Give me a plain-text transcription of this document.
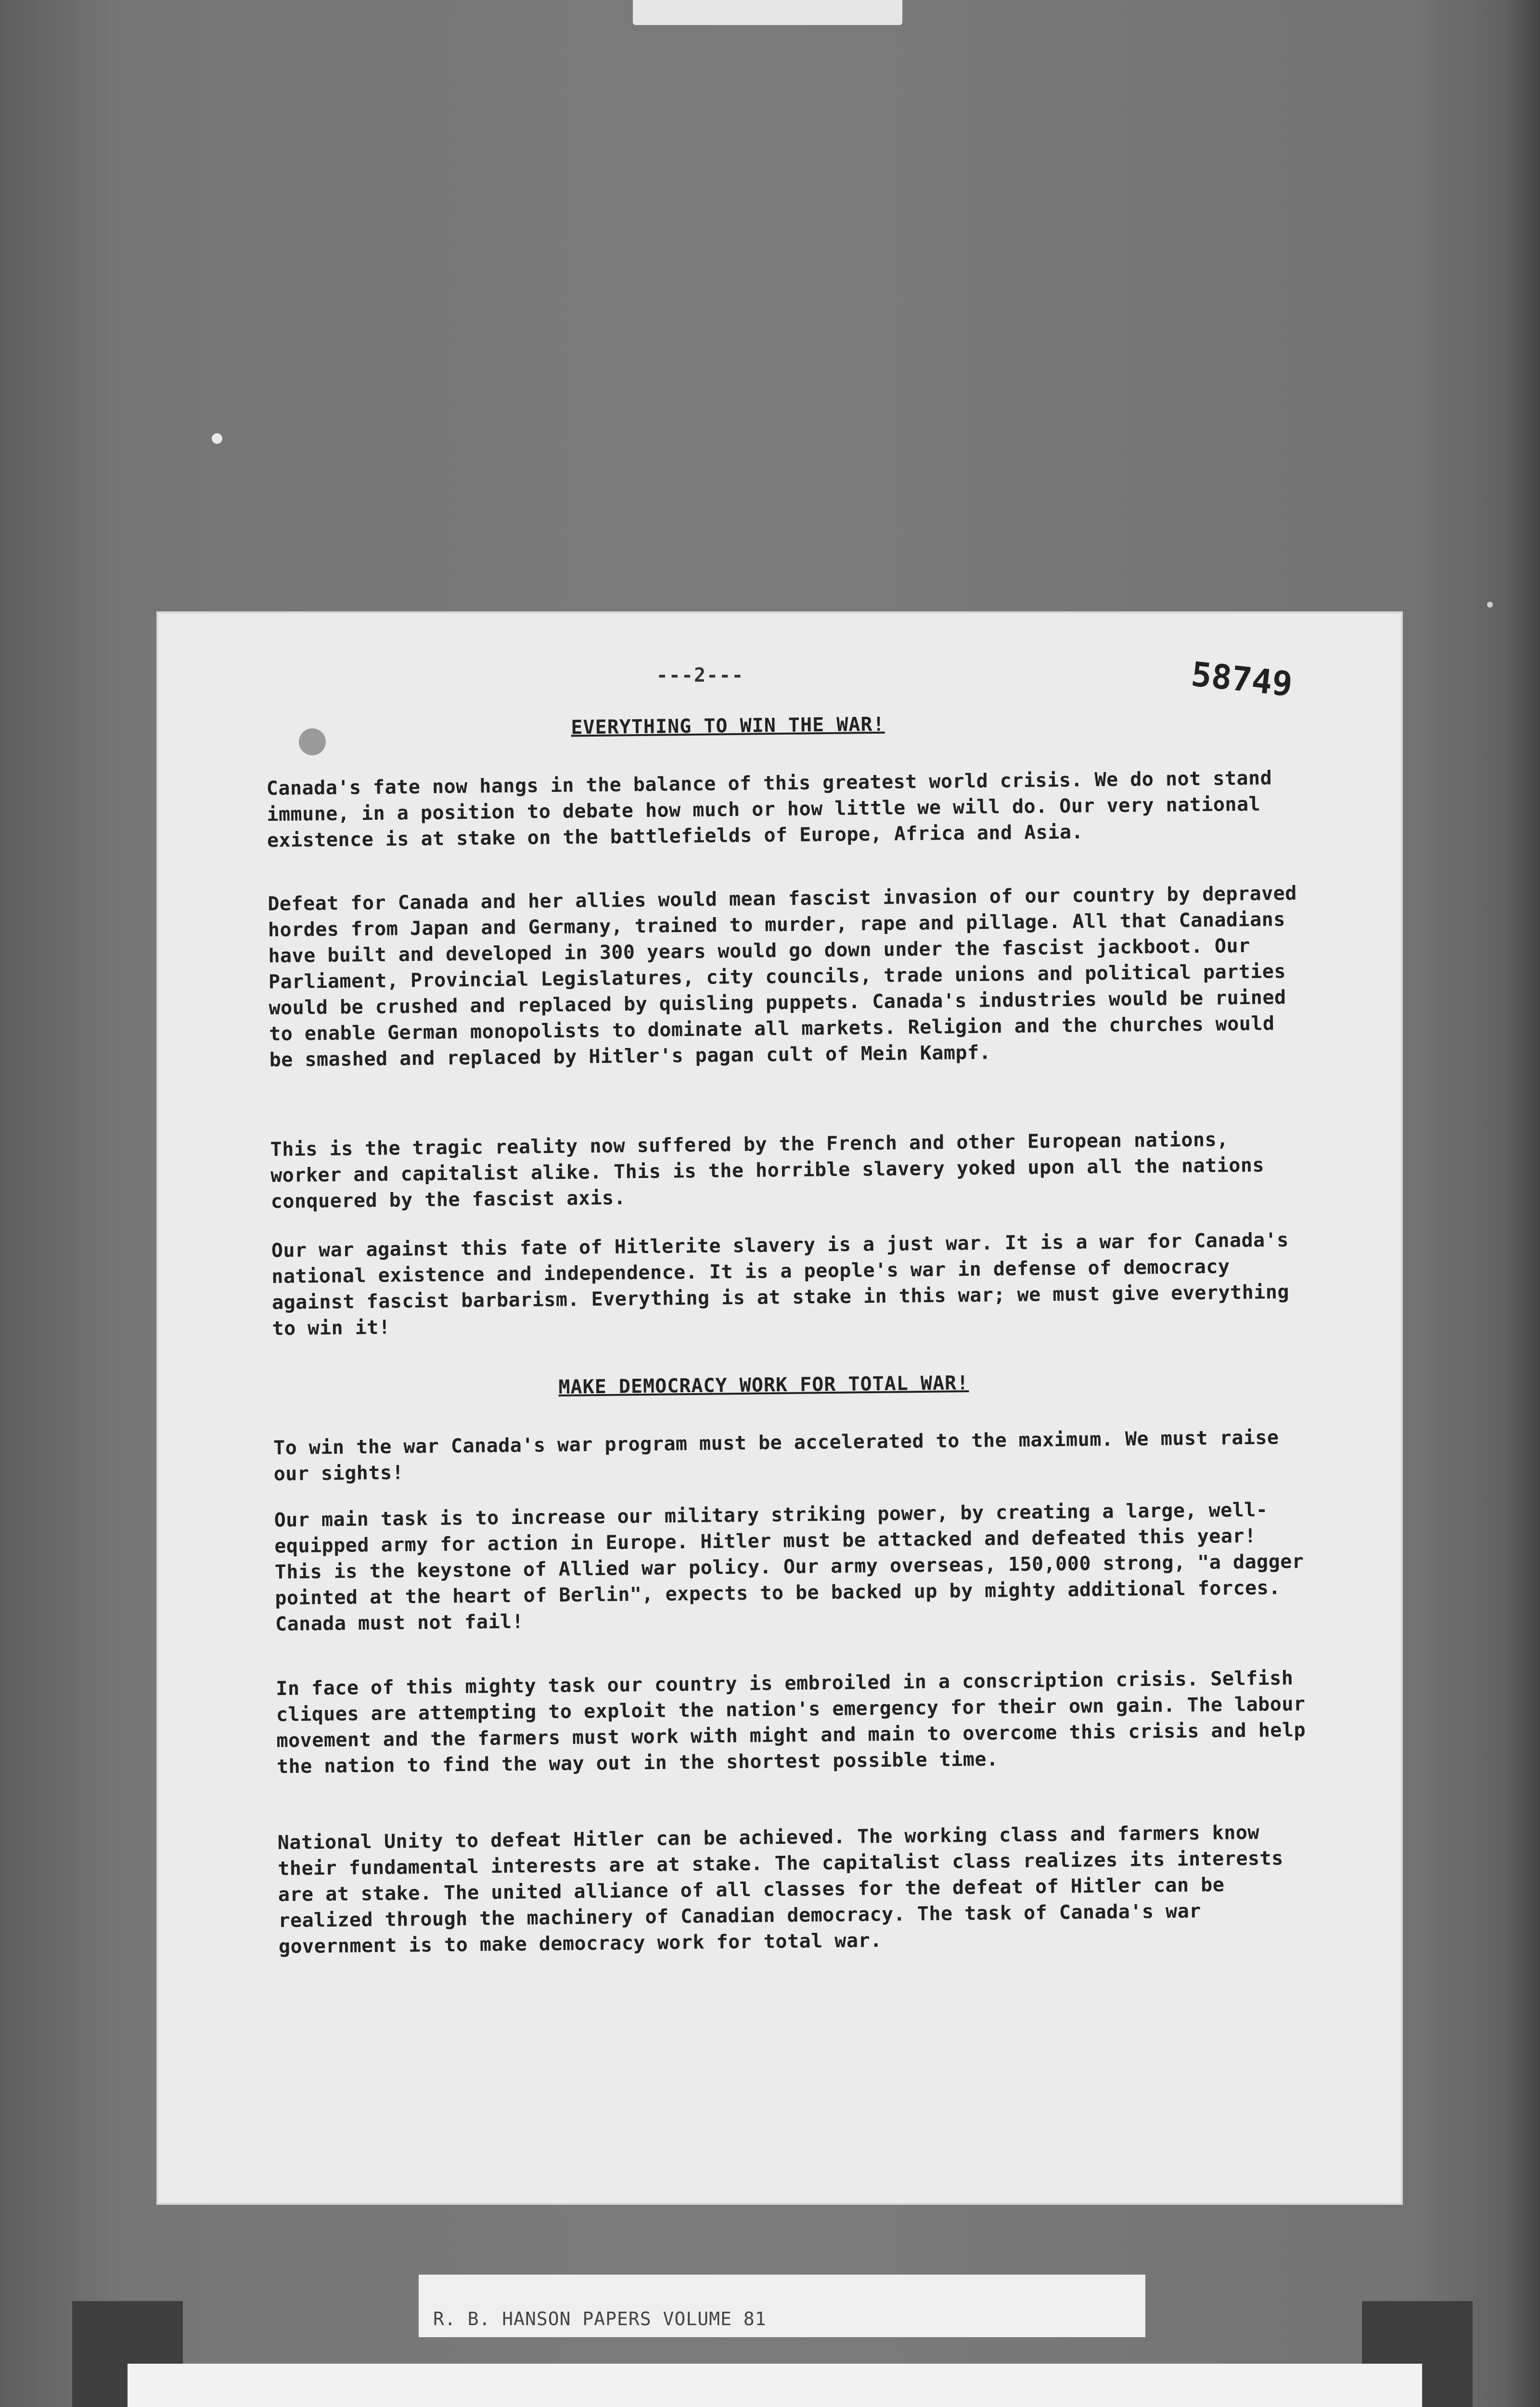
---2---	58749
EVERYTHING TO WIN THE WAR!

Canada's fate now hangs in the balance of this greatest world crisis. We do not stand immune, in a position to debate how much or how little we will do. Our very national existence is at stake on the battlefields of Europe, Africa and Asia.

Defeat for Canada and her allies would mean fascist invasion of our country by depraved hordes from Japan and Germany, trained to murder, rape and pillage. All that Canadians have built and developed in 300 years would go down under the fascist jackboot. Our Parliament, Provincial Legislatures, city councils, trade unions and political parties would be crushed and replaced by quisling puppets. Canada's industries would be ruined to enable German monopolists to dominate all markets. Religion and the churches would be smashed and replaced by Hitler's pagan cult of Mein Kampf.

This is the tragic reality now suffered by the French and other European nations, worker and capitalist alike. This is the horrible slavery yoked upon all the nations conquered by the fascist axis.

Our war against this fate of Hitlerite slavery is a just war. It is a war for Canada's national existence and independence. It is a people's war in defense of democracy against fascist barbarism. Everything is at stake in this war; we must give everything to win it!

MAKE DEMOCRACY WORK FOR TOTAL WAR!

To win the war Canada's war program must be accelerated to the maximum. We must raise our sights!

Our main task is to increase our military striking power, by creating a large, well-equipped army for action in Europe. Hitler must be attacked and defeated this year! This is the keystone of Allied war policy. Our army overseas, 150,000 strong, "a dagger pointed at the heart of Berlin", expects to be backed up by mighty additional forces. Canada must not fail!

In face of this mighty task our country is embroiled in a conscription crisis. Selfish cliques are attempting to exploit the nation's emergency for their own gain. The labour movement and the farmers must work with might and main to overcome this crisis and help the nation to find the way out in the shortest possible time.

National Unity to defeat Hitler can be achieved. The working class and farmers know their fundamental interests are at stake. The capitalist class realizes its interests are at stake. The united alliance of all classes for the defeat of Hitler can be realized through the machinery of Canadian democracy. The task of Canada's war government is to make democracy work for total war.

R. B. HANSON PAPERS VOLUME 81
